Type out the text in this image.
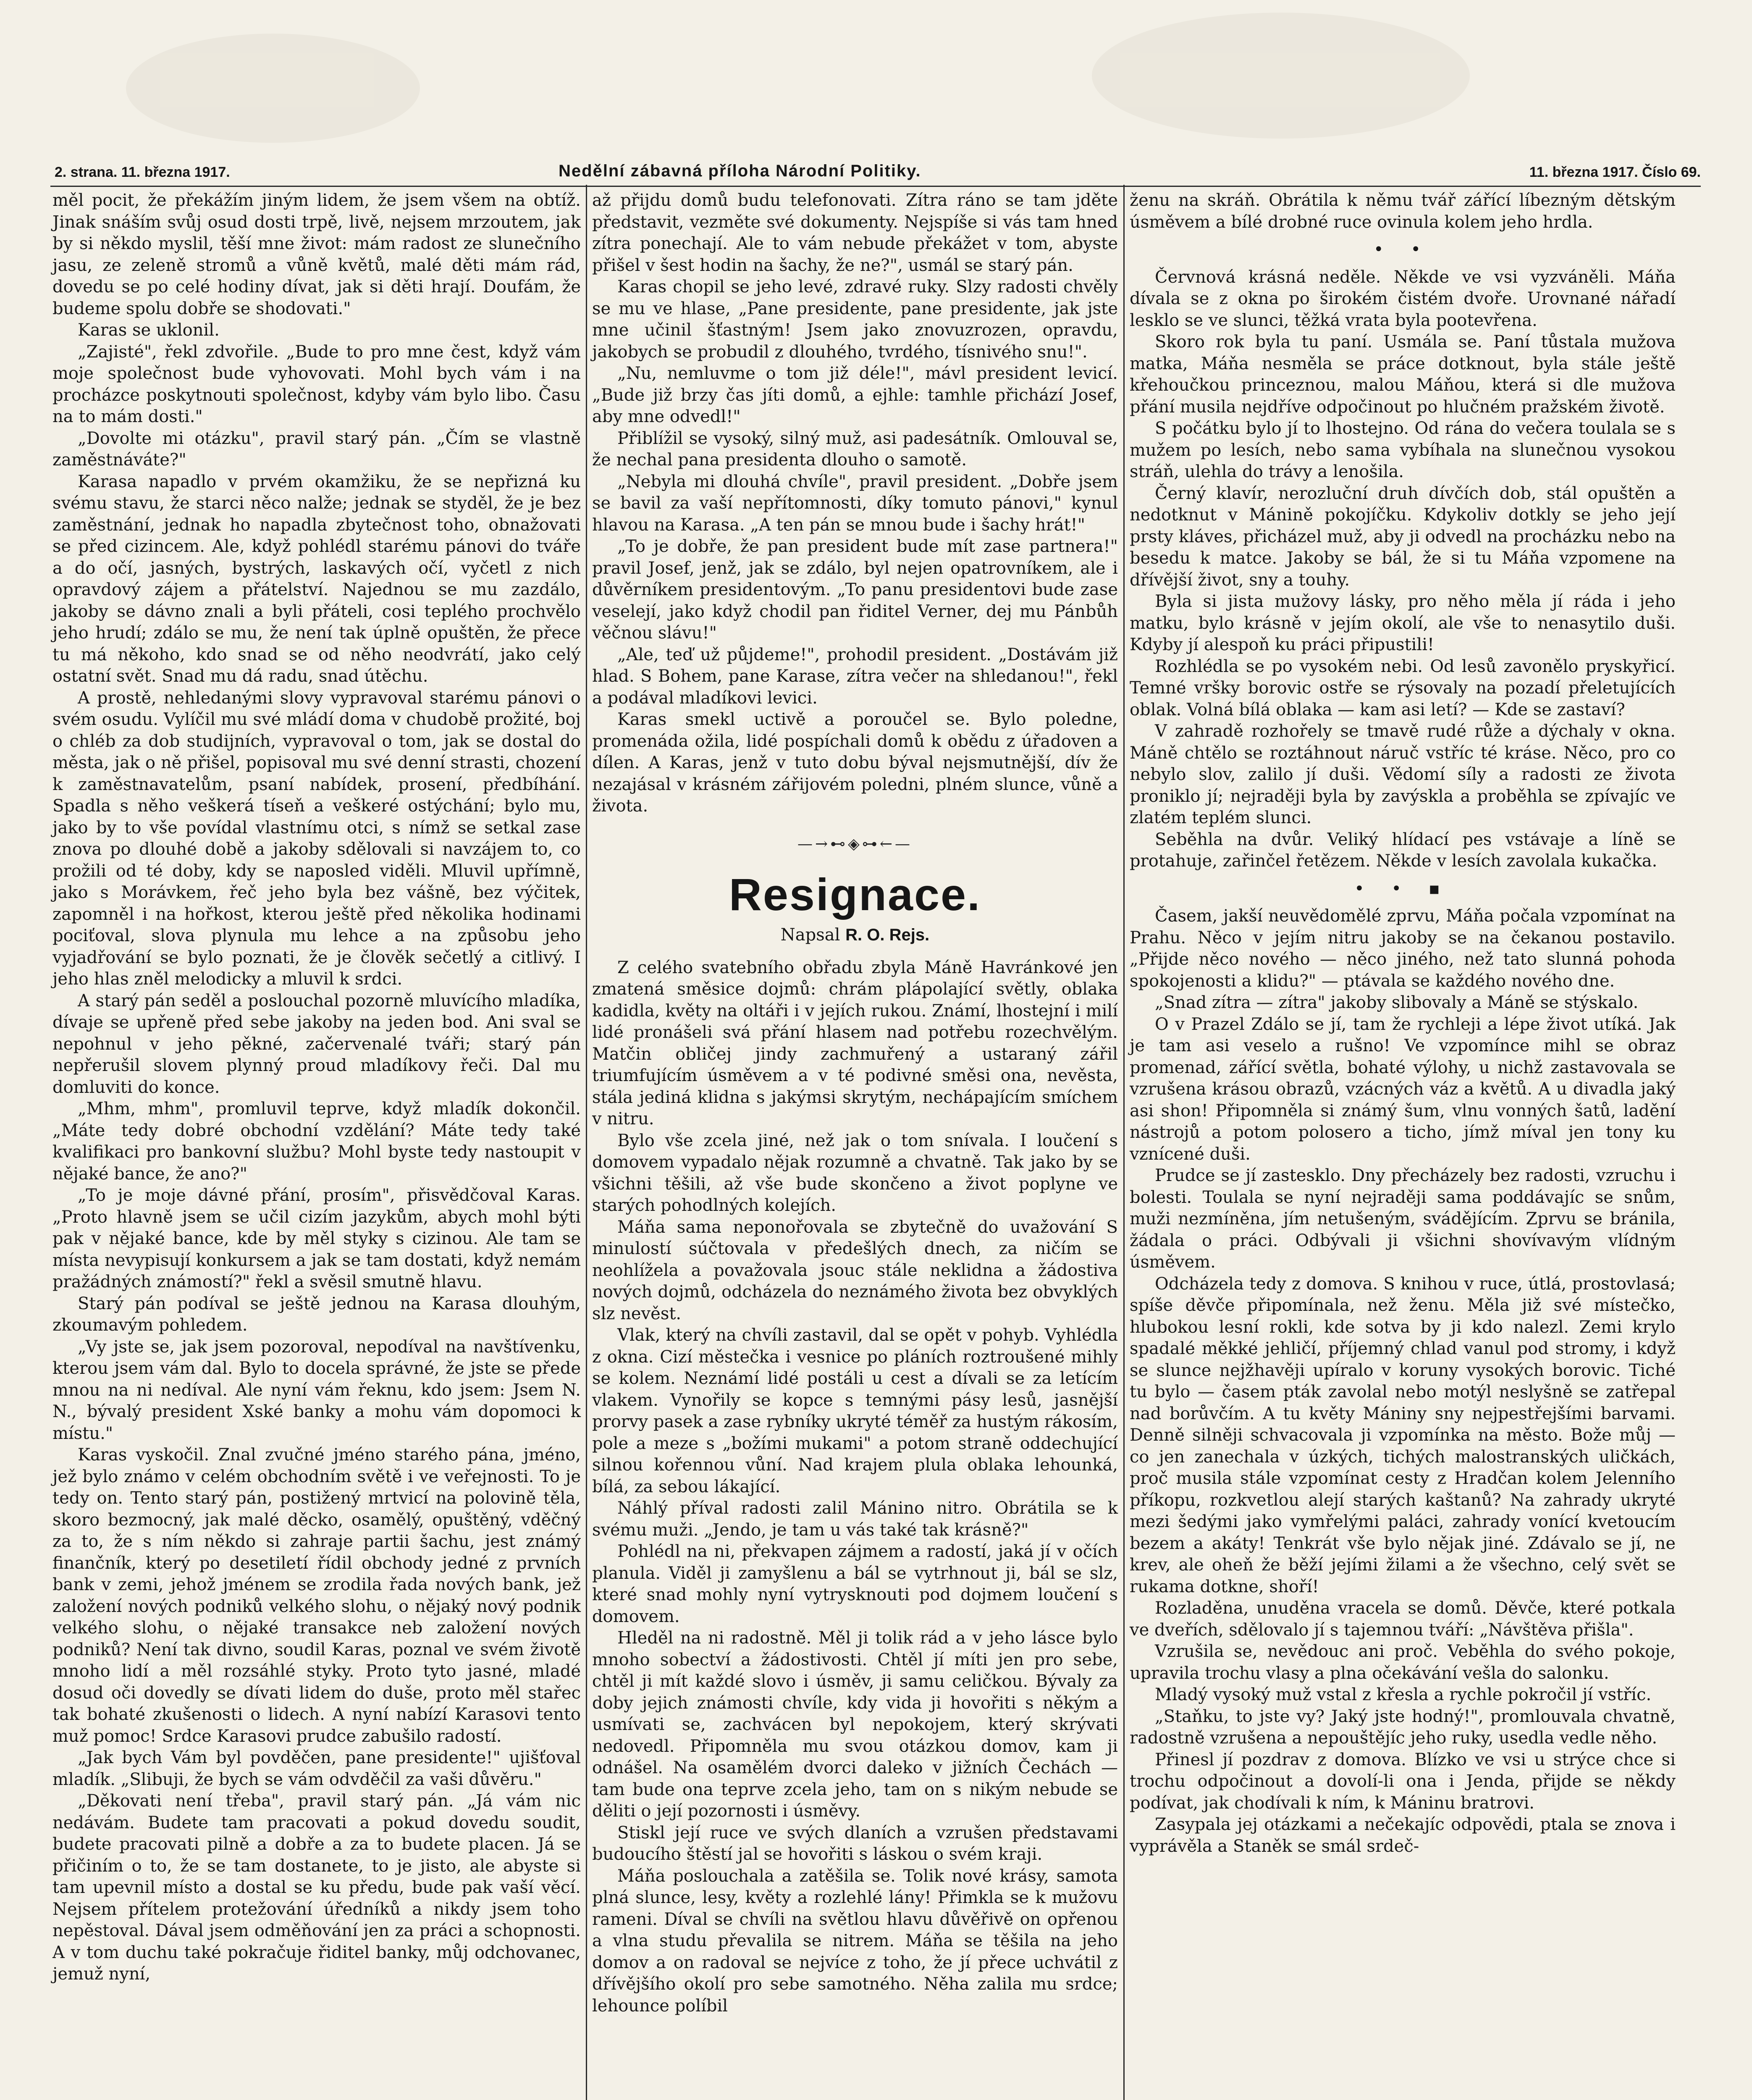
2. strana. 11. března 1917.	Nedělní zábavná příloha Národní Politiky.	11. března 1917. Číslo 69.

měl pocit, že překážím jiným lidem, že jsem všem na obtíž. Jinak snáším svůj osud dosti trpě, livě, nejsem mrzoutem, jak by si někdo myslil, těší mne život: mám radost ze slunečního jasu, ze zeleně stromů a vůně květů, malé děti mám rád, dovedu se po celé hodiny dívat, jak si děti hrají. Doufám, že budeme spolu dobře se shodovati."

Karas se uklonil.

„Zajisté", řekl zdvořile. „Bude to pro mne čest, když vám moje společnost bude vyhovovati. Mohl bych vám i na procházce poskytnouti společnost, kdyby vám bylo libo. Času na to mám dosti."

„Dovolte mi otázku", pravil starý pán. „Čím se vlastně zaměstnáváte?"

Karasa napadlo v prvém okamžiku, že se nepřizná ku svému stavu, že starci něco nalže; jednak se styděl, že je bez zaměstnání, jednak ho napadla zbytečnost toho, obnažovati se před cizincem. Ale, když pohlédl starému pánovi do tváře a do očí, jasných, bystrých, laskavých očí, vyčetl z nich opravdový zájem a přátelství. Najednou se mu zazdálo, jakoby se dávno znali a byli přáteli, cosi teplého prochvělo jeho hrudí; zdálo se mu, že není tak úplně opuštěn, že přece tu má někoho, kdo snad se od něho neodvrátí, jako celý ostatní svět. Snad mu dá radu, snad útěchu.

A prostě, nehledanými slovy vypravoval starému pánovi o svém osudu. Vylíčil mu své mládí doma v chudobě prožité, boj o chléb za dob studijních, vypravoval o tom, jak se dostal do města, jak o ně přišel, popisoval mu své denní strasti, chození k zaměstnavatelům, psaní nabídek, prosení, předbíhání. Spadla s něho veškerá tíseň a veškeré ostýchání; bylo mu, jako by to vše povídal vlastnímu otci, s nímž se setkal zase znova po dlouhé době a jakoby sdělovali si navzájem to, co prožili od té doby, kdy se naposled viděli. Mluvil upřímně, jako s Morávkem, řeč jeho byla bez vášně, bez výčitek, zapomněl i na hořkost, kterou ještě před několika hodinami pociťoval, slova plynula mu lehce a na způsobu jeho vyjadřování se bylo poznati, že je člověk sečetlý a citlivý. I jeho hlas zněl melodicky a mluvil k srdci.

A starý pán seděl a poslouchal pozorně mluvícího mladíka, dívaje se upřeně před sebe jakoby na jeden bod. Ani sval se nepohnul v jeho pěkné, začervenalé tváři; starý pán nepřerušil slovem plynný proud mladíkovy řeči. Dal mu domluviti do konce.

„Mhm, mhm", promluvil teprve, když mladík dokončil. „Máte tedy dobré obchodní vzdělání? Máte tedy také kvalifikaci pro bankovní službu? Mohl byste tedy nastoupit v nějaké bance, že ano?"

„To je moje dávné přání, prosím", přisvědčoval Karas. „Proto hlavně jsem se učil cizím jazykům, abych mohl býti pak v nějaké bance, kde by měl styky s cizinou. Ale tam se místa nevypisují konkursem a jak se tam dostati, když nemám pražádných známostí?" řekl a svěsil smutně hlavu.

Starý pán podíval se ještě jednou na Karasa dlouhým, zkoumavým pohledem.

„Vy jste se, jak jsem pozoroval, nepodíval na navštívenku, kterou jsem vám dal. Bylo to docela správné, že jste se přede mnou na ni nedíval. Ale nyní vám řeknu, kdo jsem: Jsem N. N., bývalý president Xské banky a mohu vám dopomoci k místu."

Karas vyskočil. Znal zvučné jméno starého pána, jméno, jež bylo známo v celém obchodním světě i ve veřejnosti. To je tedy on. Tento starý pán, postižený mrtvicí na polovině těla, skoro bezmocný, jak malé děcko, osamělý, opuštěný, vděčný za to, že s ním někdo si zahraje partii šachu, jest známý finančník, který po desetiletí řídil obchody jedné z prvních bank v zemi, jehož jménem se zrodila řada nových bank, jež založení nových podniků velkého slohu, o nějaký nový podnik velkého slohu, o nějaké transakce neb založení nových podniků? Není tak divno, soudil Karas, poznal ve svém životě mnoho lidí a měl rozsáhlé styky. Proto tyto jasné, mladé dosud oči dovedly se dívati lidem do duše, proto měl stařec tak bohaté zkušenosti o lidech. A nyní nabízí Karasovi tento muž pomoc! Srdce Karasovi prudce zabušilo radostí.

„Jak bych Vám byl povděčen, pane presidente!" ujišťoval mladík. „Slibuji, že bych se vám odvděčil za vaši důvěru."

„Děkovati není třeba", pravil starý pán. „Já vám nic nedávám. Budete tam pracovati a pokud dovedu soudit, budete pracovati pilně a dobře a za to budete placen. Já se přičiním o to, že se tam dostanete, to je jisto, ale abyste si tam upevnil místo a dostal se ku předu, bude pak vaší věcí. Nejsem přítelem protežování úředníků a nikdy jsem toho nepěstoval. Dával jsem odměňování jen za práci a schopnosti. A v tom duchu také pokračuje řiditel banky, můj odchovanec, jemuž nyní,

až přijdu domů budu telefonovati. Zítra ráno se tam jděte představit, vezměte své dokumenty. Nejspíše si vás tam hned zítra ponechají. Ale to vám nebude překážet v tom, abyste přišel v šest hodin na šachy, že ne?", usmál se starý pán.

Karas chopil se jeho levé, zdravé ruky. Slzy radosti chvěly se mu ve hlase, „Pane presidente, pane presidente, jak jste mne učinil šťastným! Jsem jako znovuzrozen, opravdu, jakobych se probudil z dlouhého, tvrdého, tísnivého snu!".

„Nu, nemluvme o tom již déle!", mávl president levicí. „Bude již brzy čas jíti domů, a ejhle: tamhle přichází Josef, aby mne odvedl!"

Přiblížil se vysoký, silný muž, asi padesátník. Omlouval se, že nechal pana presidenta dlouho o samotě.

„Nebyla mi dlouhá chvíle", pravil president. „Dobře jsem se bavil za vaší nepřítomnosti, díky tomuto pánovi," kynul hlavou na Karasa. „A ten pán se mnou bude i šachy hrát!"

„To je dobře, že pan president bude mít zase partnera!" pravil Josef, jenž, jak se zdálo, byl nejen opatrovníkem, ale i důvěrníkem presidentovým. „To panu presidentovi bude zase veselejí, jako když chodil pan řiditel Verner, dej mu Pánbůh věčnou slávu!"

„Ale, teď už půjdeme!", prohodil president. „Dostávám již hlad. S Bohem, pane Karase, zítra večer na shledanou!", řekl a podával mladíkovi levici.

Karas smekl uctivě a poroučel se. Bylo poledne, promenáda ožila, lidé pospíchali domů k obědu z úřadoven a dílen. A Karas, jenž v tuto dobu býval nejsmutnější, dív že nezajásal v krásném zářijovém poledni, plném slunce, vůně a života.

—→⊷◈⊶←—
Resignace.
Napsal R. O. Rejs.

Z celého svatebního obřadu zbyla Máně Havránkové jen zmatená směsice dojmů: chrám plápolající světly, oblaka kadidla, květy na oltáři i v jejích rukou. Známí, lhostejní i milí lidé pronášeli svá přání hlasem nad potřebu rozechvělým. Matčin obličej jindy zachmuřený a ustaraný zářil triumfujícím úsměvem a v té podivné směsi ona, nevěsta, stála jediná klidna s jakýmsi skrytým, nechápajícím smíchem v nitru.

Bylo vše zcela jiné, než jak o tom snívala. I loučení s domovem vypadalo nějak rozumně a chvatně. Tak jako by se všichni těšili, až vše bude skončeno a život poplyne ve starých pohodlných kolejích.

Máňa sama neponořovala se zbytečně do uvažování S minulostí súčtovala v předešlých dnech, za ničím se neohlížela a považovala jsouc stále neklidna a žádostiva nových dojmů, odcházela do neznámého života bez obvyklých slz nevěst.

Vlak, který na chvíli zastavil, dal se opět v pohyb. Vyhlédla z okna. Cizí městečka i vesnice po pláních roztroušené mihly se kolem. Neznámí lidé postáli u cest a dívali se za letícím vlakem. Vynořily se kopce s temnými pásy lesů, jasnější prorvy pasek a zase rybníky ukryté téměř za hustým rákosím, pole a meze s „božími mukami" a potom straně oddechující silnou kořennou vůní. Nad krajem plula oblaka lehounká, bílá, za sebou lákající.

Náhlý příval radosti zalil Mánino nitro. Obrátila se k svému muži. „Jendo, je tam u vás také tak krásně?"

Pohlédl na ni, překvapen zájmem a radostí, jaká jí v očích planula. Viděl ji zamyšlenu a bál se vytrhnout ji, bál se slz, které snad mohly nyní vytrysknouti pod dojmem loučení s domovem.

Hleděl na ni radostně. Měl ji tolik rád a v jeho lásce bylo mnoho sobectví a žádostivosti. Chtěl jí míti jen pro sebe, chtěl ji mít každé slovo i úsměv, ji samu celičkou. Bývaly za doby jejich známosti chvíle, kdy vida ji hovořiti s někým a usmívati se, zachvácen byl nepokojem, který skrývati nedovedl. Připomněla mu svou otázkou domov, kam ji odnášel. Na osamělém dvorci daleko v jižních Čechách — tam bude ona teprve zcela jeho, tam on s nikým nebude se děliti o její pozornosti i úsměvy.

Stiskl její ruce ve svých dlaních a vzrušen představami budoucího štěstí jal se hovořiti s láskou o svém kraji.

Máňa poslouchala a zatěšila se. Tolik nové krásy, samota plná slunce, lesy, květy a rozlehlé lány! Přimkla se k mužovu rameni. Díval se chvíli na světlou hlavu důvěřivě on opřenou a vlna studu převalila se nitrem. Máňa se těšila na jeho domov a on radoval se nejvíce z toho, že jí přece uchvátil z dřívějšího okolí pro sebe samotného. Něha zalila mu srdce; lehounce políbil

ženu na skráň. Obrátila k němu tvář zářící líbezným dětským úsměvem a bílé drobné ruce ovinula kolem jeho hrdla.

• •

Červnová krásná neděle. Někde ve vsi vyzváněli. Máňa dívala se z okna po širokém čistém dvoře. Urovnané nářadí lesklo se ve slunci, těžká vrata byla pootevřena.

Skoro rok byla tu paní. Usmála se. Paní tůstala mužova matka, Máňa nesměla se práce dotknout, byla stále ještě křehoučkou princeznou, malou Máňou, která si dle mužova přání musila nejdříve odpočinout po hlučném pražském životě.

S počátku bylo jí to lhostejno. Od rána do večera toulala se s mužem po lesích, nebo sama vybíhala na slunečnou vysokou stráň, ulehla do trávy a lenošila.

Černý klavír, nerozluční druh dívčích dob, stál opuštěn a nedotknut v Mánině pokojíčku. Kdykoliv dotkly se jeho její prsty kláves, přicházel muž, aby ji odvedl na procházku nebo na besedu k matce. Jakoby se bál, že si tu Máňa vzpomene na dřívější život, sny a touhy.

Byla si jista mužovy lásky, pro něho měla jí ráda i jeho matku, bylo krásně v jejím okolí, ale vše to nenasytilo duši. Kdyby jí alespoň ku práci připustili!

Rozhlédla se po vysokém nebi. Od lesů zavonělo pryskyřicí. Temné vršky borovic ostře se rýsovaly na pozadí přeletujících oblak. Volná bílá oblaka — kam asi letí? — Kde se zastaví?

V zahradě rozhořely se tmavě rudé růže a dýchaly v okna. Máně chtělo se roztáhnout náruč vstříc té kráse. Něco, pro co nebylo slov, zalilo jí duši. Vědomí síly a radosti ze života proniklo jí; nejraději byla by zavýskla a proběhla se zpívajíc ve zlatém teplém slunci.

Seběhla na dvůr. Veliký hlídací pes vstávaje a líně se protahuje, zařinčel řetězem. Někde v lesích zavolala kukačka.

• • ▪

Časem, jakší neuvědomělé zprvu, Máňa počala vzpomínat na Prahu. Něco v jejím nitru jakoby se na čekanou postavilo. „Přijde něco nového — něco jiného, než tato slunná pohoda spokojenosti a klidu?" — ptávala se každého nového dne.

„Snad zítra — zítra" jakoby slibovaly a Máně se stýskalo.

O v Prazel Zdálo se jí, tam že rychleji a lépe život utíká. Jak je tam asi veselo a rušno! Ve vzpomínce mihl se obraz promenad, zářící světla, bohaté výlohy, u nichž zastavovala se vzrušena krásou obrazů, vzácných váz a květů. A u divadla jaký asi shon! Připomněla si známý šum, vlnu vonných šatů, ladění nástrojů a potom polosero a ticho, jímž míval jen tony ku vznícené duši.

Prudce se jí zastesklo. Dny přecházely bez radosti, vzruchu i bolesti. Toulala se nyní nejraději sama poddávajíc se snům, muži nezmíněna, jím netušeným, svádějícím. Zprvu se bránila, žádala o práci. Odbývali ji všichni shovívavým vlídným úsměvem.

Odcházela tedy z domova. S knihou v ruce, útlá, prostovlasá; spíše děvče připomínala, než ženu. Měla již své místečko, hlubokou lesní rokli, kde sotva by ji kdo nalezl. Zemi krylo spadalé měkké jehličí, příjemný chlad vanul pod stromy, i když se slunce nejžhavěji upíralo v koruny vysokých borovic. Tiché tu bylo — časem pták zavolal nebo motýl neslyšně se zatřepal nad borůvčím. A tu květy Mániny sny nejpestřejšími barvami. Denně silněji schvacovala ji vzpomínka na město. Bože můj — co jen zanechala v úzkých, tichých malostranských uličkách, proč musila stále vzpomínat cesty z Hradčan kolem Jelenního příkopu, rozkvetlou alejí starých kaštanů? Na zahrady ukryté mezi šedými jako vymřelými paláci, zahrady vonící kvetoucím bezem a akáty! Tenkrát vše bylo nějak jiné. Zdávalo se jí, ne krev, ale oheň že běží jejími žilami a že všechno, celý svět se rukama dotkne, shoří!

Rozladěna, unuděna vracela se domů. Děvče, které potkala ve dveřích, sdělovalo jí s tajemnou tváří: „Návštěva přišla".

Vzrušila se, nevědouc ani proč. Veběhla do svého pokoje, upravila trochu vlasy a plna očekávání vešla do salonku.

Mladý vysoký muž vstal z křesla a rychle pokročil jí vstříc.

„Staňku, to jste vy? Jaký jste hodný!", promlouvala chvatně, radostně vzrušena a nepouštějíc jeho ruky, usedla vedle něho.

Přinesl jí pozdrav z domova. Blízko ve vsi u strýce chce si trochu odpočinout a dovolí-li ona i Jenda, přijde se někdy podívat, jak chodívali k ním, k Máninu bratrovi.

Zasypala jej otázkami a nečekajíc odpovědi, ptala se znova i vyprávěla a Staněk se smál srdeč-
